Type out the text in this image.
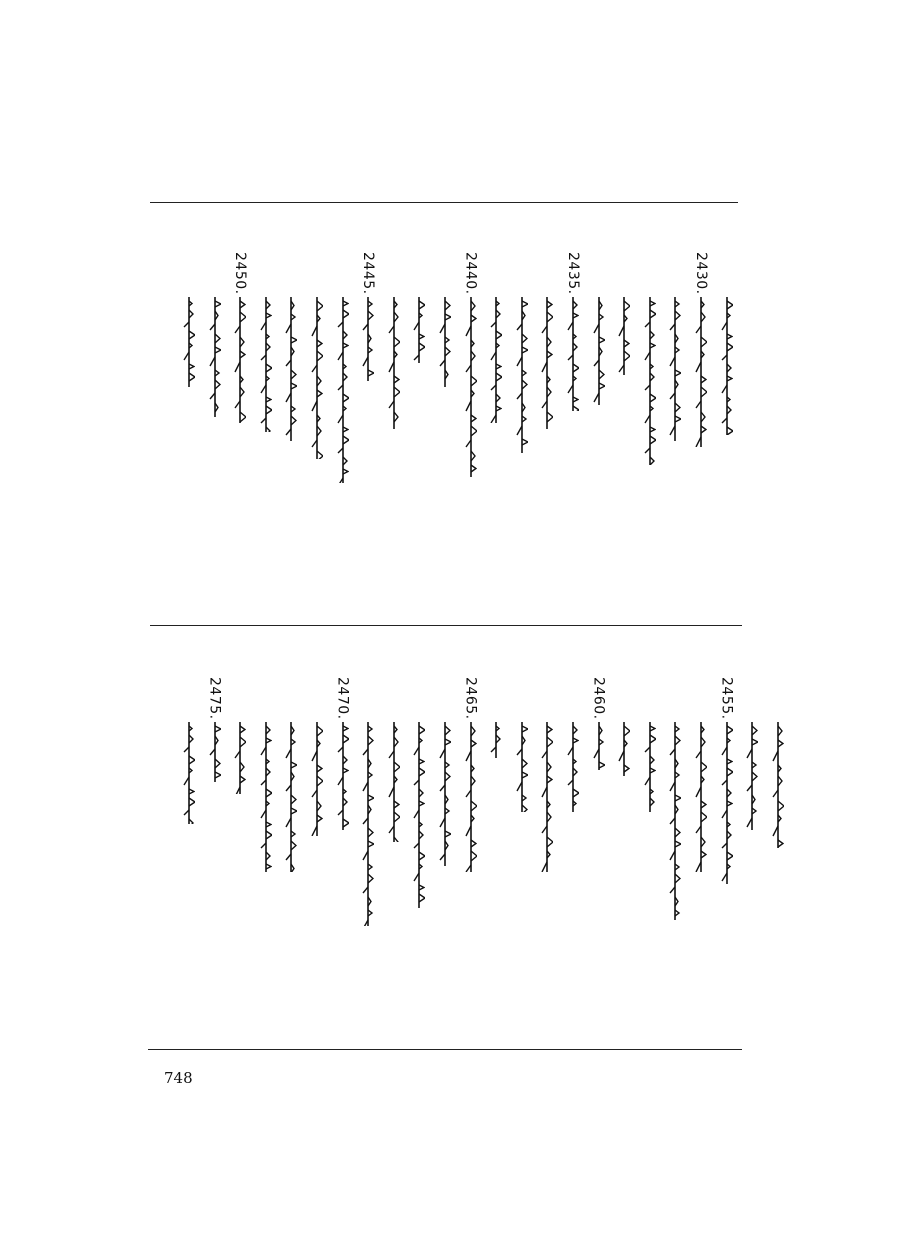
2450.	2445.	2440.	2435.	2430.
2475.	2470.	2465.	2460.	2455.
748
